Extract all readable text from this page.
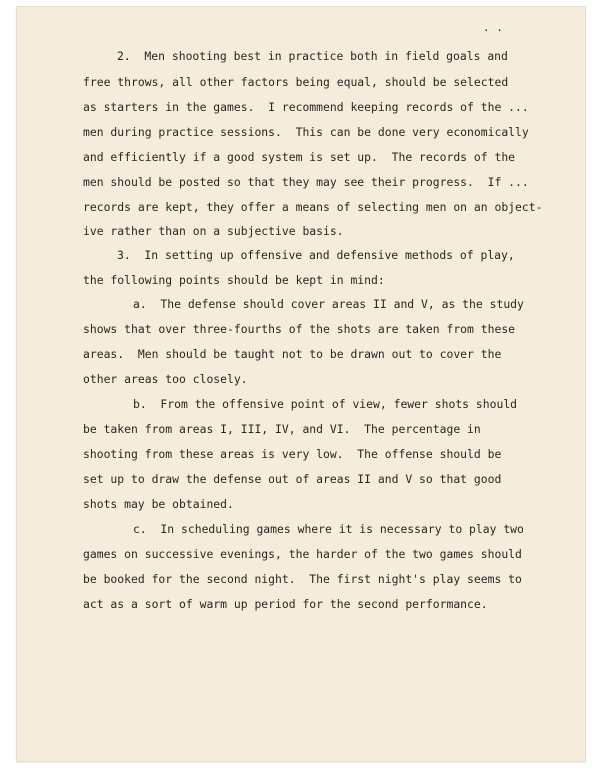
. .
2.  Men shooting best in practice both in field goals and
free throws, all other factors being equal, should be selected
as starters in the games.  I recommend keeping records of the ...
men during practice sessions.  This can be done very economically
and efficiently if a good system is set up.  The records of the
men should be posted so that they may see their progress.  If ...
records are kept, they offer a means of selecting men on an object-
ive rather than on a subjective basis.
3.  In setting up offensive and defensive methods of play,
the following points should be kept in mind:
a.  The defense should cover areas II and V, as the study
shows that over three-fourths of the shots are taken from these
areas.  Men should be taught not to be drawn out to cover the
other areas too closely.
b.  From the offensive point of view, fewer shots should
be taken from areas I, III, IV, and VI.  The percentage in
shooting from these areas is very low.  The offense should be
set up to draw the defense out of areas II and V so that good
shots may be obtained.
c.  In scheduling games where it is necessary to play two
games on successive evenings, the harder of the two games should
be booked for the second night.  The first night's play seems to
act as a sort of warm up period for the second performance.
